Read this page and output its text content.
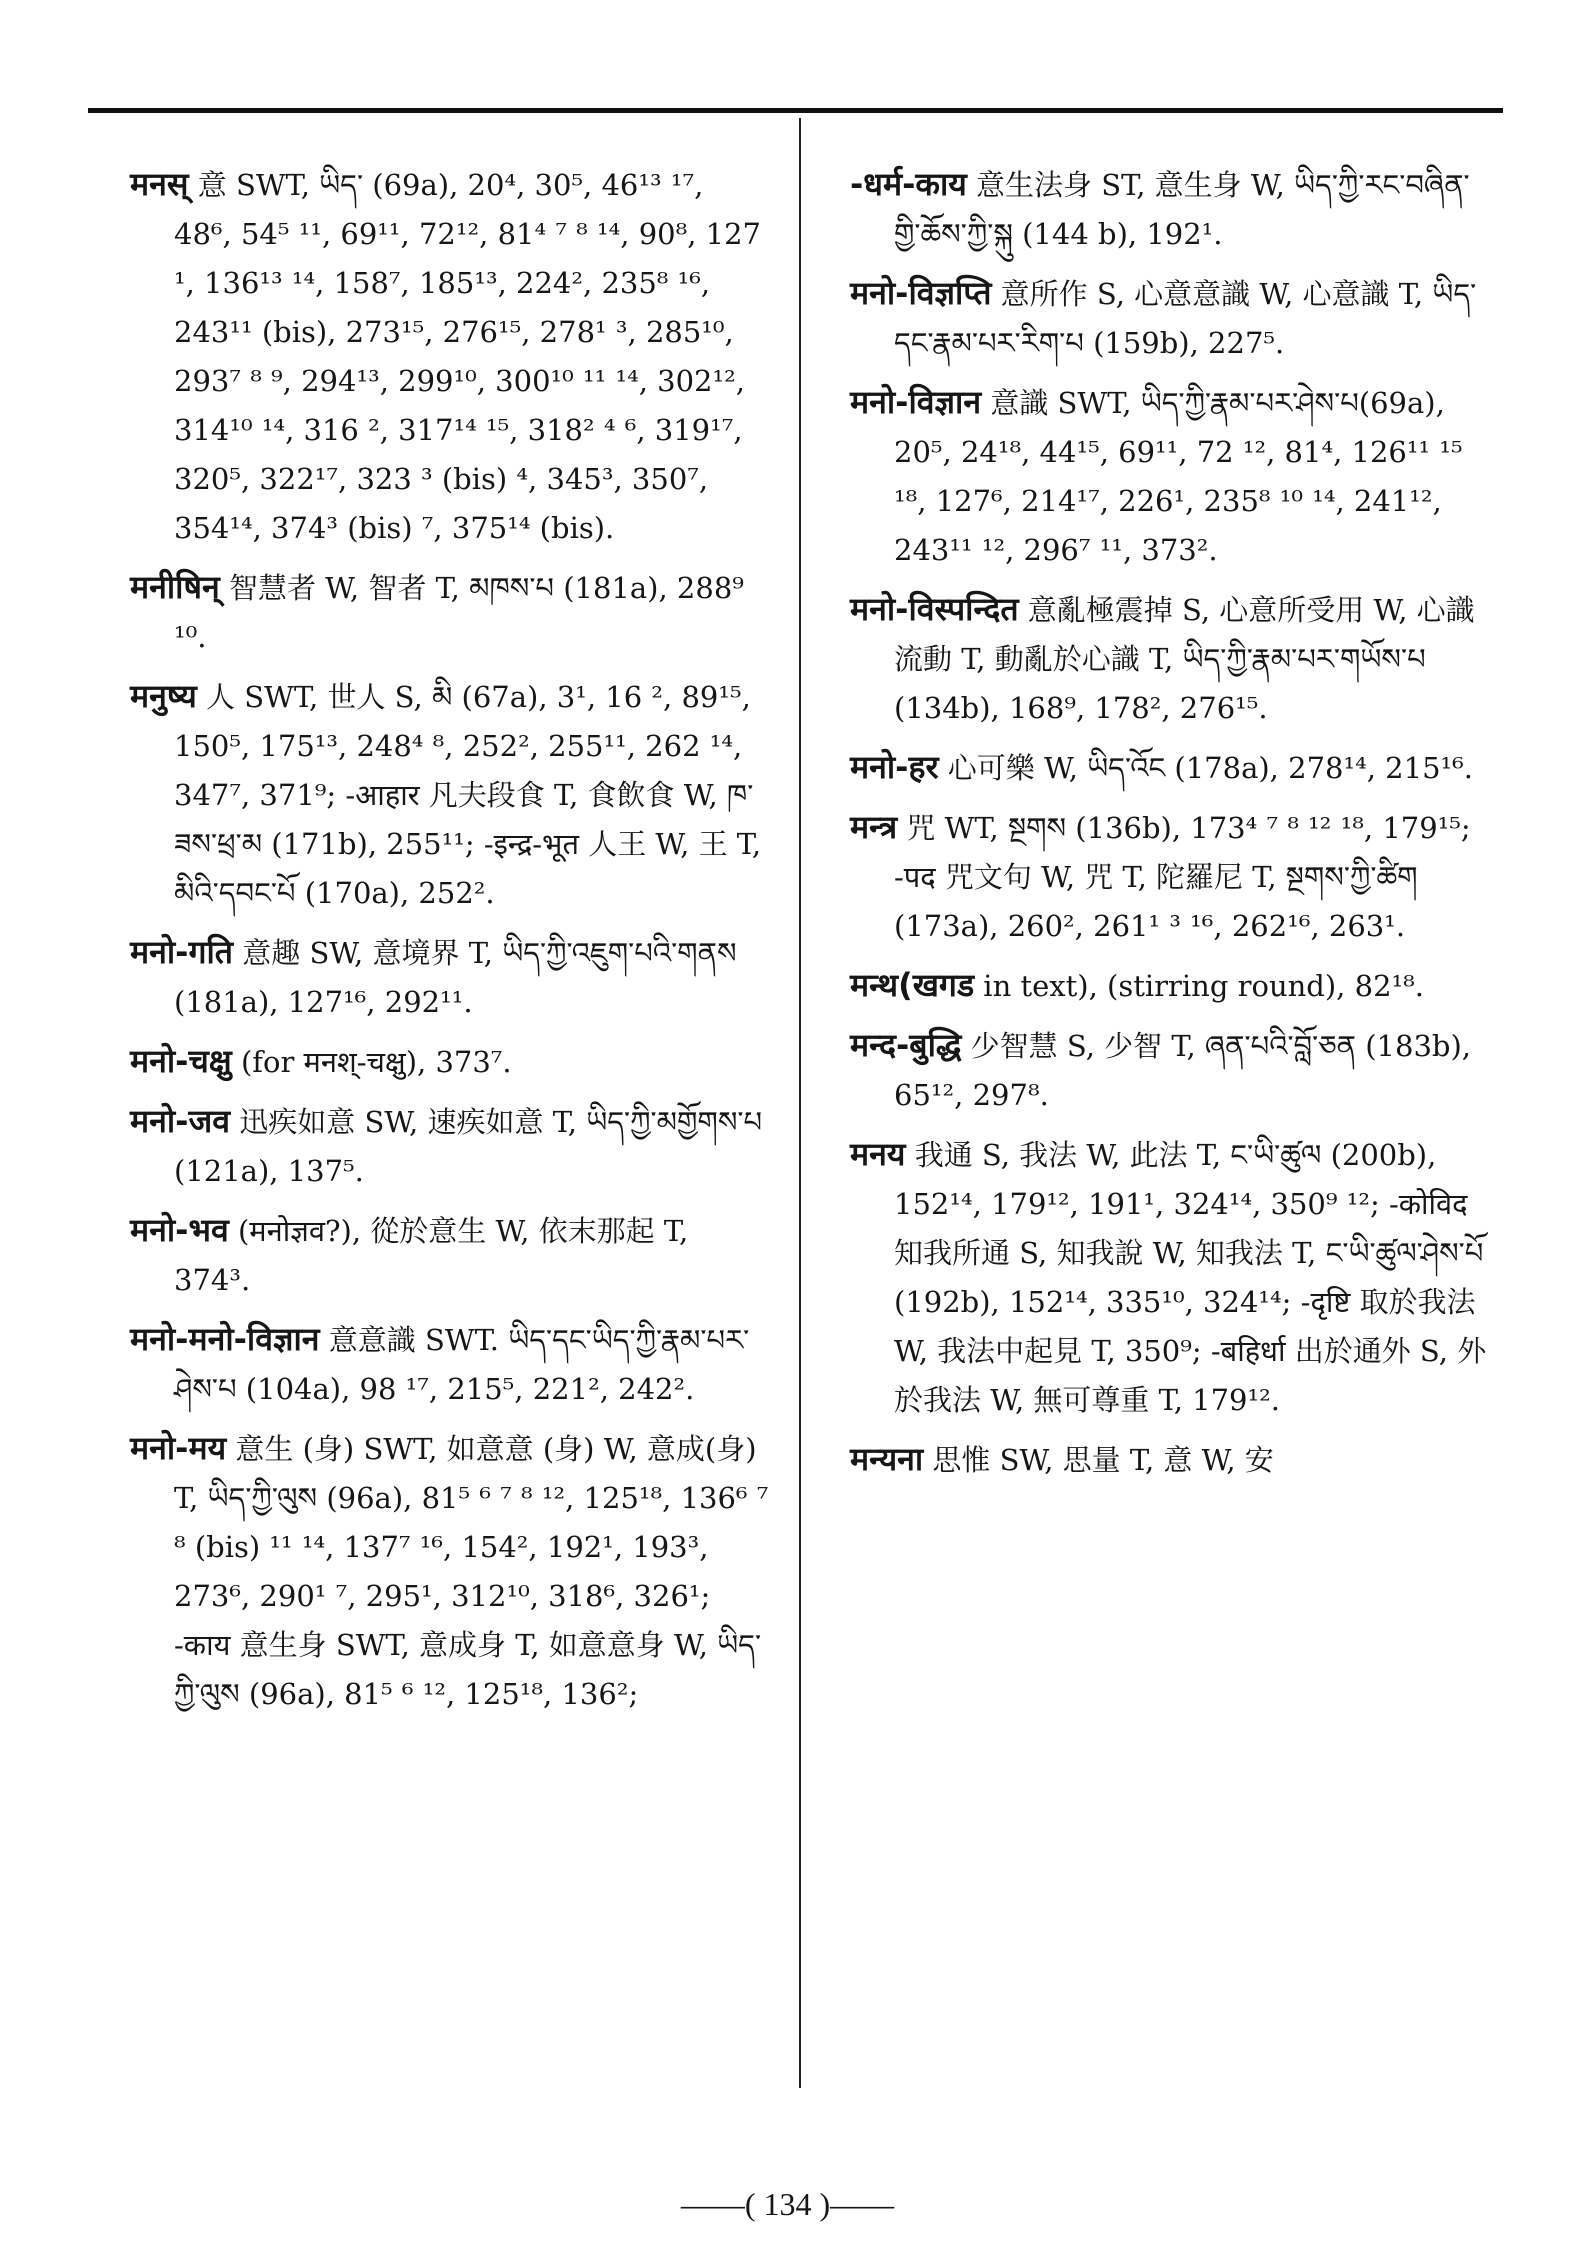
मनस् 意 SWT, ཡིད་ (69a), 20⁴, 30⁵, 46¹³ ¹⁷, 48⁶, 54⁵ ¹¹, 69¹¹, 72¹², 81⁴ ⁷ ⁸ ¹⁴, 90⁸, 127 ¹, 136¹³ ¹⁴, 158⁷, 185¹³, 224², 235⁸ ¹⁶, 243¹¹ (bis), 273¹⁵, 276¹⁵, 278¹ ³, 285¹⁰, 293⁷ ⁸ ⁹, 294¹³, 299¹⁰, 300¹⁰ ¹¹ ¹⁴, 302¹², 314¹⁰ ¹⁴, 316 ², 317¹⁴ ¹⁵, 318² ⁴ ⁶, 319¹⁷, 320⁵, 322¹⁷, 323 ³ (bis) ⁴, 345³, 350⁷, 354¹⁴, 374³ (bis) ⁷, 375¹⁴ (bis).

मनीषिन् 智慧者 W, 智者 T, མཁས་པ (181a), 288⁹ ¹⁰.

मनुष्य 人 SWT, 世人 S, མི (67a), 3¹, 16 ², 89¹⁵, 150⁵, 175¹³, 248⁴ ⁸, 252², 255¹¹, 262 ¹⁴, 347⁷, 371⁹; -आहार 凡夫段食 T, 食飲食 W, ཁ་ཟས་ཕྲ་མ (171b), 255¹¹; -इन्द्र-भूत 人王 W, 王 T, མིའི་དབང་པོ (170a), 252².

मनो-गति 意趣 SW, 意境界 T, ཡིད་ཀྱི་འཇུག་པའི་གནས (181a), 127¹⁶, 292¹¹.

मनो-चक्षु (for मनश्-चक्षु), 373⁷.

मनो-जव 迅疾如意 SW, 速疾如意 T, ཡིད་ཀྱི་མགྱོགས་པ (121a), 137⁵.

मनो-भव (मनोज्ञव?), 從於意生 W, 依末那起 T, 374³.

मनो-मनो-विज्ञान 意意識 SWT. ཡིད་དང་ཡིད་ཀྱི་རྣམ་པར་ཤེས་པ (104a), 98 ¹⁷, 215⁵, 221², 242².

मनो-मय 意生 (身) SWT, 如意意 (身) W, 意成(身) T, ཡིད་ཀྱི་ལུས (96a), 81⁵ ⁶ ⁷ ⁸ ¹², 125¹⁸, 136⁶ ⁷ ⁸ (bis) ¹¹ ¹⁴, 137⁷ ¹⁶, 154², 192¹, 193³, 273⁶, 290¹ ⁷, 295¹, 312¹⁰, 318⁶, 326¹; -काय 意生身 SWT, 意成身 T, 如意意身 W, ཡིད་ཀྱི་ལུས (96a), 81⁵ ⁶ ¹², 125¹⁸, 136²;

-धर्म-काय 意生法身 ST, 意生身 W, ཡིད་ཀྱི་རང་བཞིན་གྱི་ཆོས་ཀྱི་སྐུ (144 b), 192¹.

मनो-विज्ञप्ति 意所作 S, 心意意識 W, 心意識 T, ཡིད་དང་རྣམ་པར་རིག་པ (159b), 227⁵.

मनो-विज्ञान 意識 SWT, ཡིད་ཀྱི་རྣམ་པར་ཤེས་པ(69a), 20⁵, 24¹⁸, 44¹⁵, 69¹¹, 72 ¹², 81⁴, 126¹¹ ¹⁵ ¹⁸, 127⁶, 214¹⁷, 226¹, 235⁸ ¹⁰ ¹⁴, 241¹², 243¹¹ ¹², 296⁷ ¹¹, 373².

मनो-विस्पन्दित 意亂極震掉 S, 心意所受用 W, 心識流動 T, 動亂於心識 T, ཡིད་ཀྱི་རྣམ་པར་གཡོས་པ (134b), 168⁹, 178², 276¹⁵.

मनो-हर 心可樂 W, ཡིད་འོང (178a), 278¹⁴, 215¹⁶.

मन्त्र 咒 WT, སྔགས (136b), 173⁴ ⁷ ⁸ ¹² ¹⁸, 179¹⁵; -पद 咒文句 W, 咒 T, 陀羅尼 T, སྔགས་ཀྱི་ཚིག (173a), 260², 261¹ ³ ¹⁶, 262¹⁶, 263¹.

मन्थ(खगड in text), (stirring round), 82¹⁸.

मन्द-बुद्धि 少智慧 S, 少智 T, ཞན་པའི་བློ་ཅན (183b), 65¹², 297⁸.

मनय 我通 S, 我法 W, 此法 T, ང་ཡི་ཚུལ (200b), 152¹⁴, 179¹², 191¹, 324¹⁴, 350⁹ ¹²; -कोविद 知我所通 S, 知我說 W, 知我法 T, ང་ཡི་ཚུལ་ཤེས་པོ (192b), 152¹⁴, 335¹⁰, 324¹⁴; -दृष्टि 取於我法 W, 我法中起見 T, 350⁹; -बहिर्धा 出於通外 S, 外於我法 W, 無可尊重 T, 179¹².

मन्यना 思惟 SW, 思量 T, 意 W, 安

——( 134 )——
